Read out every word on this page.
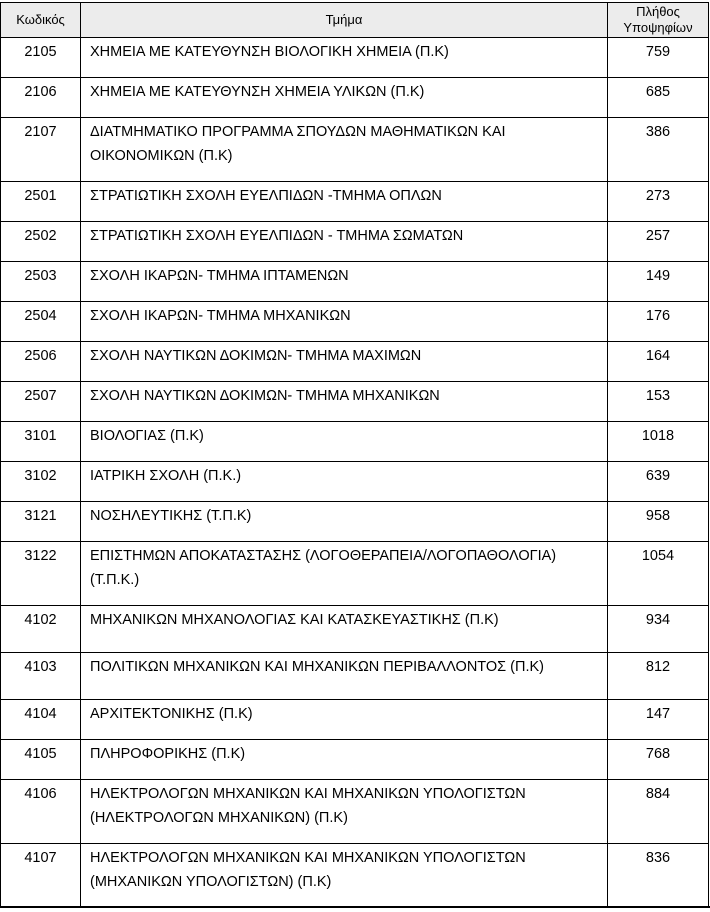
Κωδικός	Τμήμα	Πλήθος Υποψηφίων
2105	ΧΗΜΕΙΑ ΜΕ ΚΑΤΕΥΘΥΝΣΗ ΒΙΟΛΟΓΙΚΗ ΧΗΜΕΙΑ (Π.Κ)	759
2106	ΧΗΜΕΙΑ ΜΕ ΚΑΤΕΥΘΥΝΣΗ ΧΗΜΕΙΑ ΥΛΙΚΩΝ (Π.Κ)	685
2107	ΔΙΑΤΜΗΜΑΤΙΚΟ ΠΡΟΓΡΑΜΜΑ ΣΠΟΥΔΩΝ ΜΑΘΗΜΑΤΙΚΩΝ ΚΑΙ ΟΙΚΟΝΟΜΙΚΩΝ (Π.Κ)	386
2501	ΣΤΡΑΤΙΩΤΙΚΗ ΣΧΟΛΗ ΕΥΕΛΠΙΔΩΝ -ΤΜΗΜΑ ΟΠΛΩΝ	273
2502	ΣΤΡΑΤΙΩΤΙΚΗ ΣΧΟΛΗ ΕΥΕΛΠΙΔΩΝ - ΤΜΗΜΑ ΣΩΜΑΤΩΝ	257
2503	ΣΧΟΛΗ ΙΚΑΡΩΝ- ΤΜΗΜΑ ΙΠΤΑΜΕΝΩΝ	149
2504	ΣΧΟΛΗ ΙΚΑΡΩΝ- ΤΜΗΜΑ ΜΗΧΑΝΙΚΩΝ	176
2506	ΣΧΟΛΗ ΝΑΥΤΙΚΩΝ ΔΟΚΙΜΩΝ- ΤΜΗΜΑ ΜΑΧΙΜΩΝ	164
2507	ΣΧΟΛΗ ΝΑΥΤΙΚΩΝ ΔΟΚΙΜΩΝ- ΤΜΗΜΑ ΜΗΧΑΝΙΚΩΝ	153
3101	ΒΙΟΛΟΓΙΑΣ (Π.Κ)	1018
3102	ΙΑΤΡΙΚΗ ΣΧΟΛΗ (Π.Κ.)	639
3121	ΝΟΣΗΛΕΥΤΙΚΗΣ (Τ.Π.Κ)	958
3122	ΕΠΙΣΤΗΜΩΝ ΑΠΟΚΑΤΑΣΤΑΣΗΣ (ΛΟΓΟΘΕΡΑΠΕΙΑ/ΛΟΓΟΠΑΘΟΛΟΓΙΑ) (Τ.Π.Κ.)	1054
4102	ΜΗΧΑΝΙΚΩΝ ΜΗΧΑΝΟΛΟΓΙΑΣ ΚΑΙ ΚΑΤΑΣΚΕΥΑΣΤΙΚΗΣ (Π.Κ)	934
4103	ΠΟΛΙΤΙΚΩΝ ΜΗΧΑΝΙΚΩΝ ΚΑΙ ΜΗΧΑΝΙΚΩΝ ΠΕΡΙΒΑΛΛΟΝΤΟΣ (Π.Κ)	812
4104	ΑΡΧΙΤΕΚΤΟΝΙΚΗΣ (Π.Κ)	147
4105	ΠΛΗΡΟΦΟΡΙΚΗΣ (Π.Κ)	768
4106	ΗΛΕΚΤΡΟΛΟΓΩΝ ΜΗΧΑΝΙΚΩΝ ΚΑΙ ΜΗΧΑΝΙΚΩΝ ΥΠΟΛΟΓΙΣΤΩΝ (ΗΛΕΚΤΡΟΛΟΓΩΝ ΜΗΧΑΝΙΚΩΝ) (Π.Κ)	884
4107	ΗΛΕΚΤΡΟΛΟΓΩΝ ΜΗΧΑΝΙΚΩΝ ΚΑΙ ΜΗΧΑΝΙΚΩΝ ΥΠΟΛΟΓΙΣΤΩΝ (ΜΗΧΑΝΙΚΩΝ ΥΠΟΛΟΓΙΣΤΩΝ) (Π.Κ)	836
